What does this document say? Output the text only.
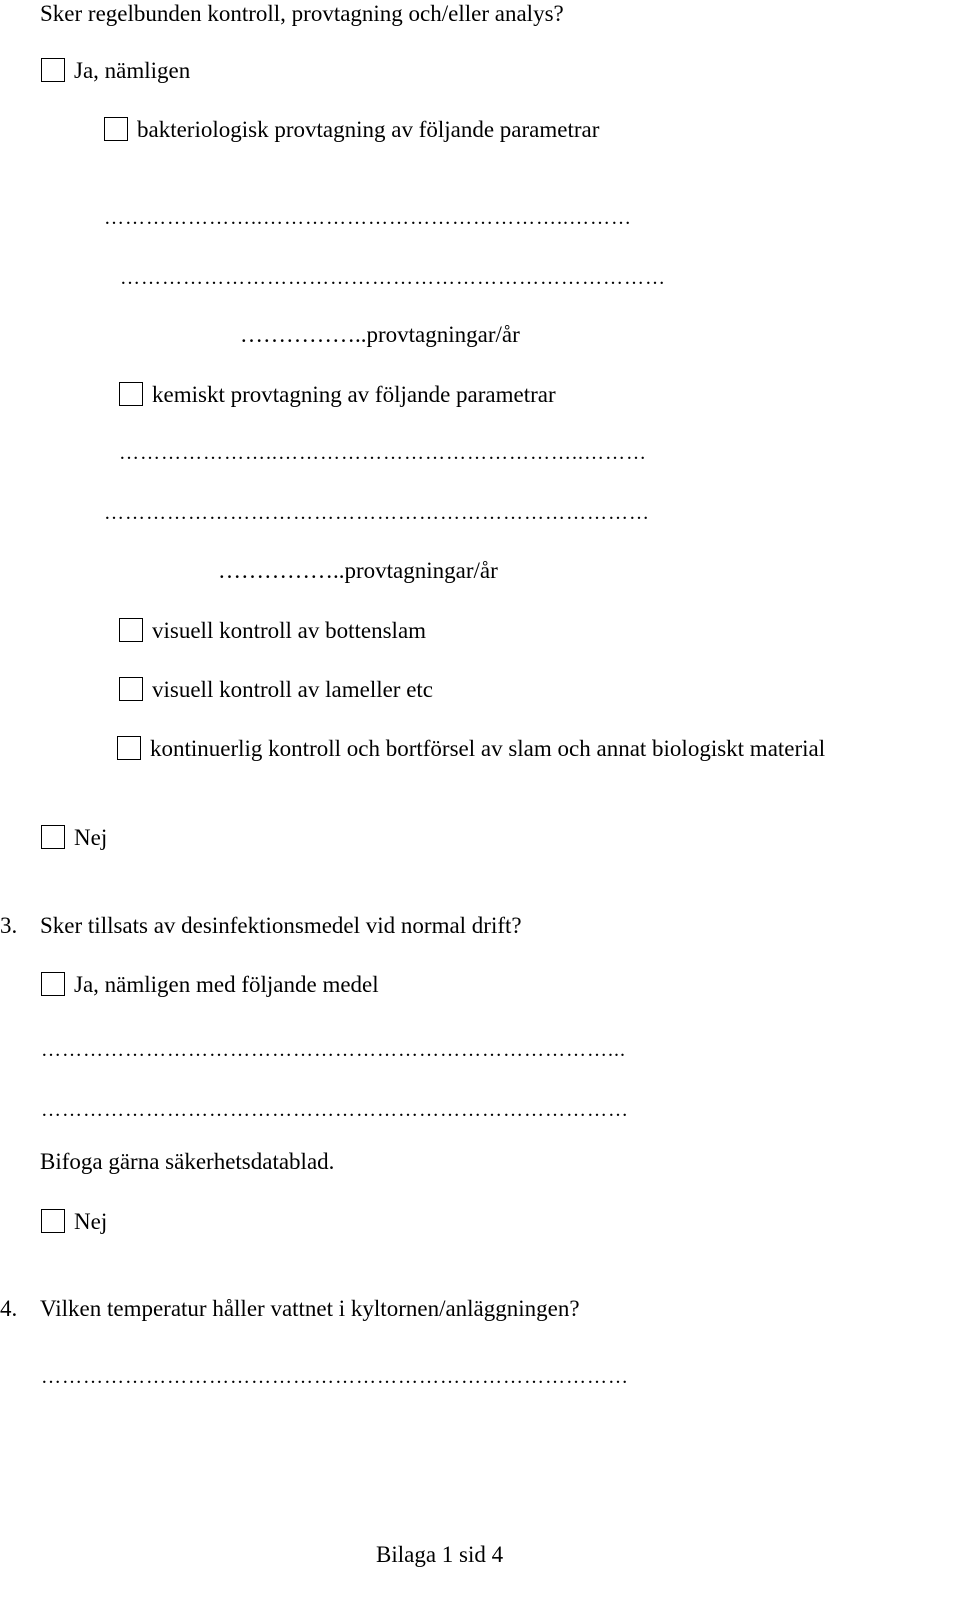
Sker regelbunden kontroll, provtagning och/eller analys?
Ja, nämligen
bakteriologisk provtagning av följande parametrar
…………………..……………………………………..………
……………………………………………………………………
……………..provtagningar/år
kemiskt provtagning av följande parametrar
…………………..……………………………………..………
……………………………………………………………………
……………..provtagningar/år
visuell kontroll av bottenslam
visuell kontroll av lameller etc
kontinuerlig kontroll och bortförsel av slam och annat biologiskt material
Nej
3. Sker tillsats av desinfektionsmedel vid normal drift?
Ja, nämligen med följande medel
………………………………………………………………………...
…………………………………………………………………………
Bifoga gärna säkerhetsdatablad.
Nej
4. Vilken temperatur håller vattnet i kyltornen/anläggningen?
…………………………………………………………………………
Bilaga 1 sid 4
